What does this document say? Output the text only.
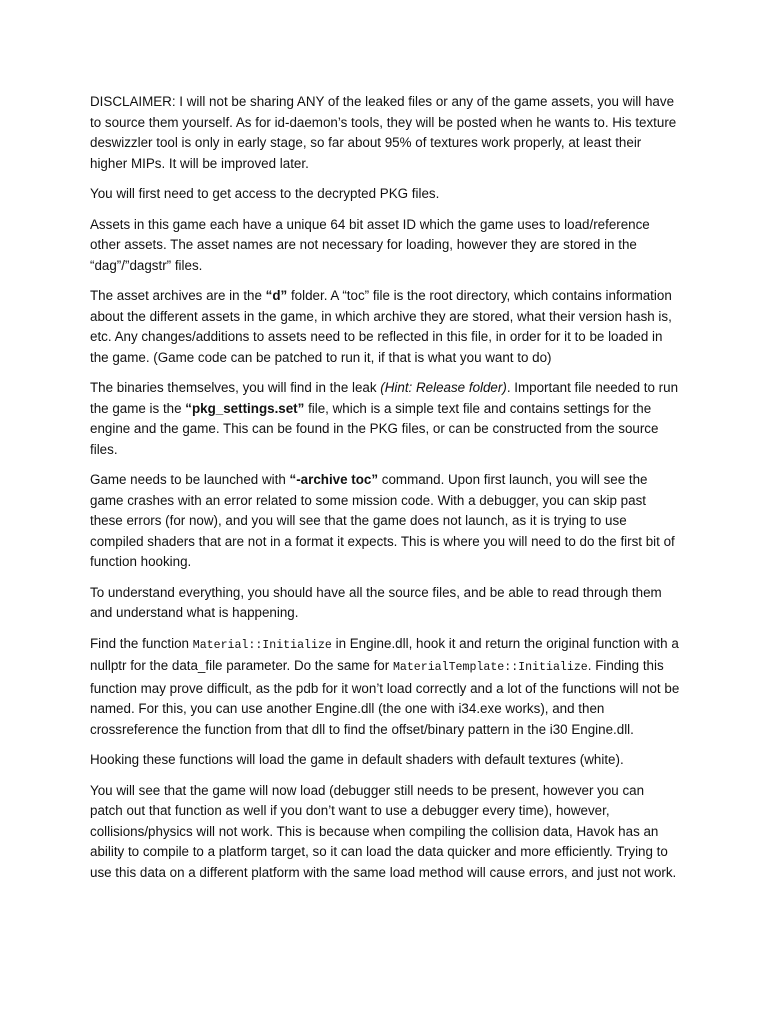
DISCLAIMER: I will not be sharing ANY of the leaked files or any of the game assets, you will have to source them yourself. As for id-daemon’s tools, they will be posted when he wants to. His texture deswizzler tool is only in early stage, so far about 95% of textures work properly, at least their higher MIPs. It will be improved later.

You will first need to get access to the decrypted PKG files.

Assets in this game each have a unique 64 bit asset ID which the game uses to load/reference other assets. The asset names are not necessary for loading, however they are stored in the “dag”/”dagstr” files.

The asset archives are in the “d” folder. A “toc” file is the root directory, which contains information about the different assets in the game, in which archive they are stored, what their version hash is, etc. Any changes/additions to assets need to be reflected in this file, in order for it to be loaded in the game. (Game code can be patched to run it, if that is what you want to do)

The binaries themselves, you will find in the leak (Hint: Release folder). Important file needed to run the game is the “pkg_settings.set” file, which is a simple text file and contains settings for the engine and the game. This can be found in the PKG files, or can be constructed from the source files.

Game needs to be launched with “-archive toc” command. Upon first launch, you will see the game crashes with an error related to some mission code. With a debugger, you can skip past these errors (for now), and you will see that the game does not launch, as it is trying to use compiled shaders that are not in a format it expects. This is where you will need to do the first bit of function hooking.

To understand everything, you should have all the source files, and be able to read through them and understand what is happening.

Find the function Material::Initialize in Engine.dll, hook it and return the original function with a nullptr for the data_file parameter. Do the same for MaterialTemplate::Initialize. Finding this function may prove difficult, as the pdb for it won’t load correctly and a lot of the functions will not be named. For this, you can use another Engine.dll (the one with i34.exe works), and then crossreference the function from that dll to find the offset/binary pattern in the i30 Engine.dll.

Hooking these functions will load the game in default shaders with default textures (white).

You will see that the game will now load (debugger still needs to be present, however you can patch out that function as well if you don’t want to use a debugger every time), however, collisions/physics will not work. This is because when compiling the collision data, Havok has an ability to compile to a platform target, so it can load the data quicker and more efficiently. Trying to use this data on a different platform with the same load method will cause errors, and just not work.
